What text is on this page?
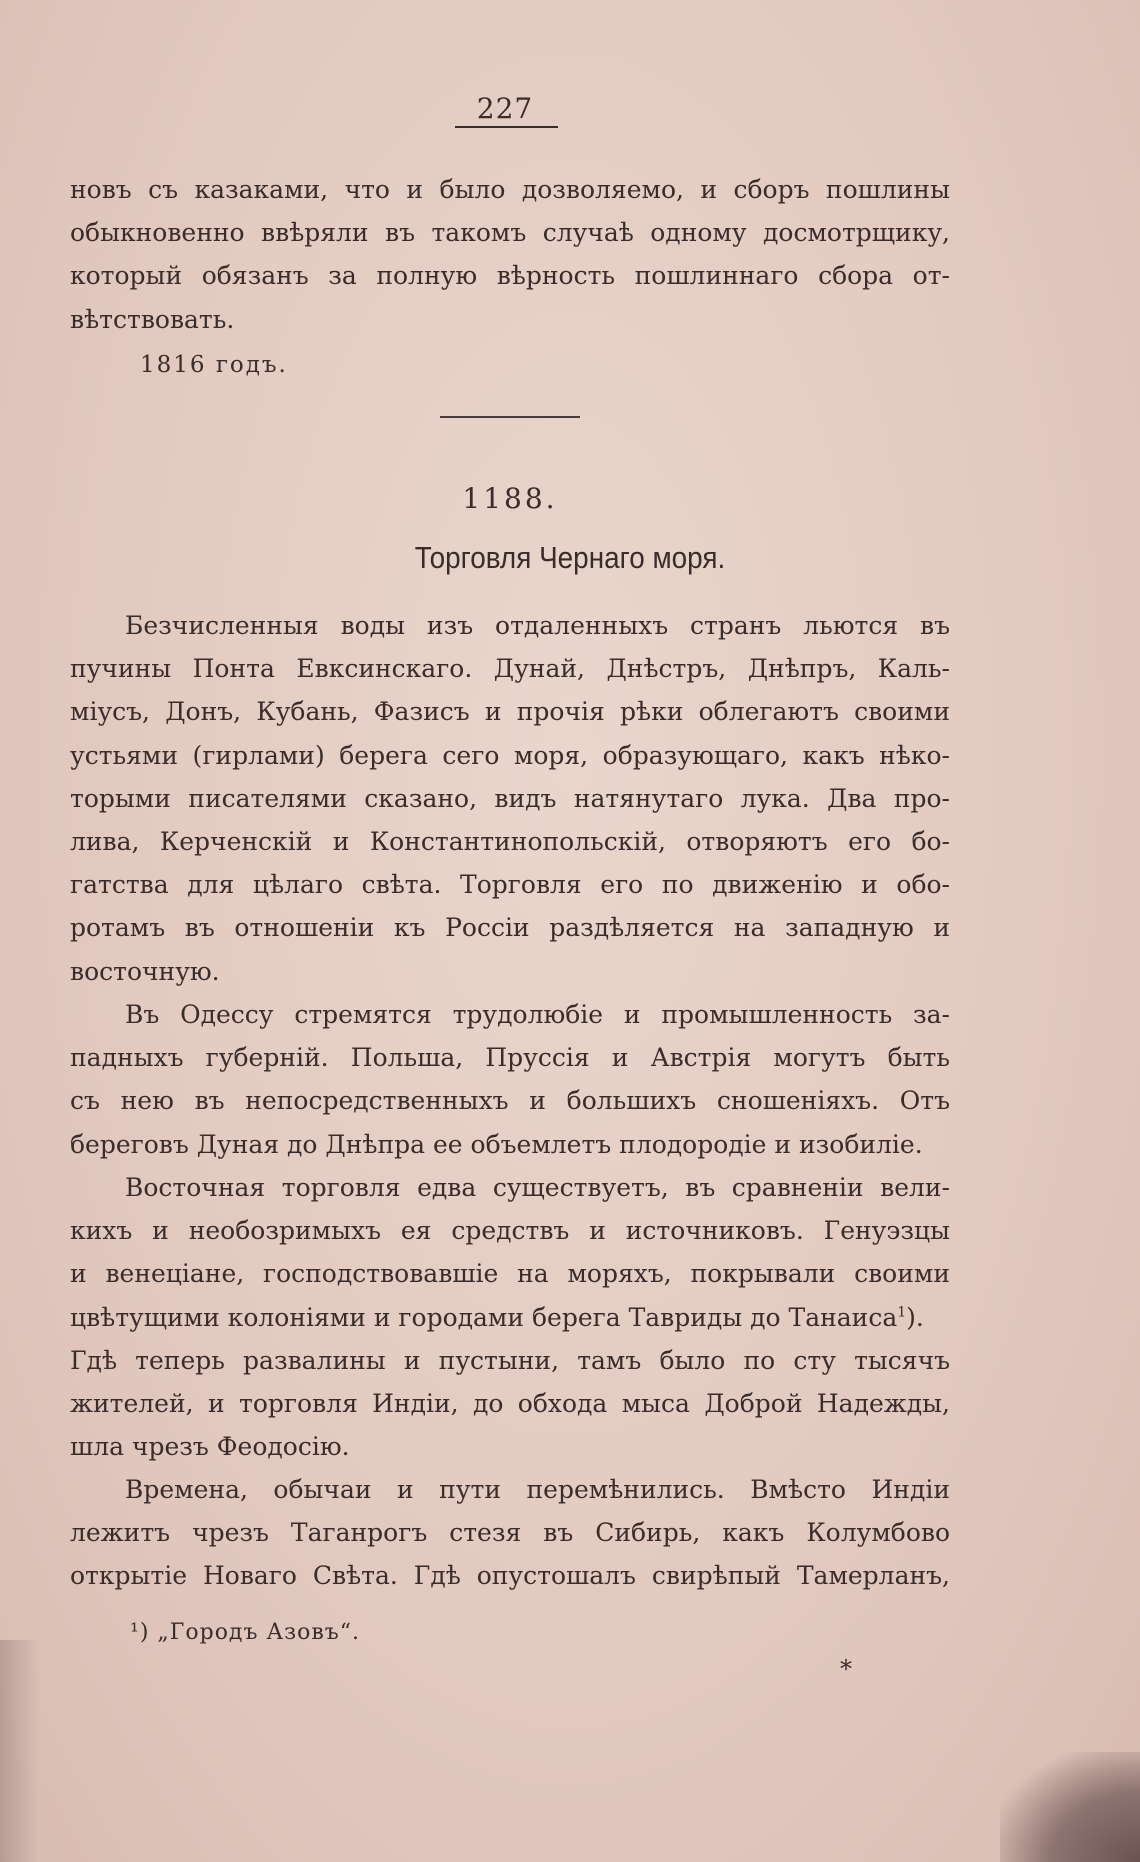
227
новъ съ казаками, что и было дозволяемо, и сборъ пошлины
обыкновенно ввѣряли въ такомъ случаѣ одному досмотрщику,
который обязанъ за полную вѣрность пошлиннаго сбора от-
вѣтствовать.
1816 годъ.
1188.
Торговля Чернаго моря.
Безчисленныя воды изъ отдаленныхъ странъ льются въ
пучины Понта Евксинскаго. Дунай, Днѣстръ, Днѣпръ, Каль-
міусъ, Донъ, Кубань, Фазисъ и прочія рѣки облегаютъ своими
устьями (гирлами) берега сего моря, образующаго, какъ нѣко-
торыми писателями сказано, видъ натянутаго лука. Два про-
лива, Керченскій и Константинопольскій, отворяютъ его бо-
гатства для цѣлаго свѣта. Торговля его по движенію и обо-
ротамъ въ отношеніи къ Россіи раздѣляется на западную и
восточную.
Въ Одессу стремятся трудолюбіе и промышленность за-
падныхъ губерній. Польша, Пруссія и Австрія могутъ быть
съ нею въ непосредственныхъ и большихъ сношеніяхъ. Отъ
береговъ Дуная до Днѣпра ее объемлетъ плодородіе и изобиліе.
Восточная торговля едва существуетъ, въ сравненіи вели-
кихъ и необозримыхъ ея средствъ и источниковъ. Генуэзцы
и венеціане, господствовавшіе на моряхъ, покрывали своими
цвѣтущими колоніями и городами берега Тавриды до Танаиса$^1$).
Гдѣ теперь развалины и пустыни, тамъ было по сту тысячъ
жителей, и торговля Индіи, до обхода мыса Доброй Надежды,
шла чрезъ Феодосію.
Времена, обычаи и пути перемѣнились. Вмѣсто Индіи
лежитъ чрезъ Таганрогъ стезя въ Сибирь, какъ Колумбово
открытіе Новаго Свѣта. Гдѣ опустошалъ свирѣпый Тамерланъ,
¹) „Городъ Азовъ“.
*
